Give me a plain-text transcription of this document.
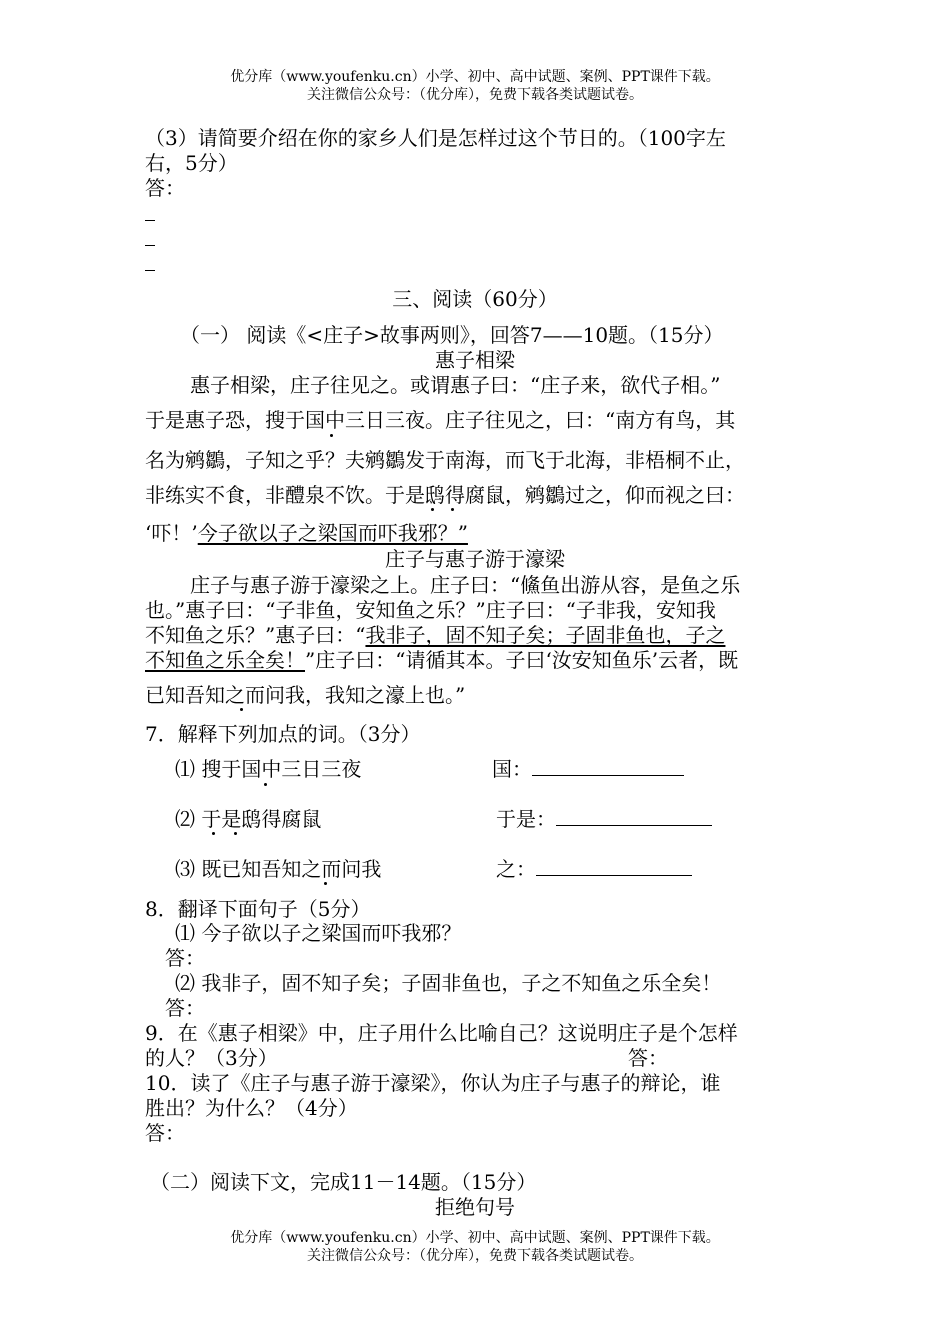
优分库（www.youfenku.cn）小学、初中、高中试题、案例、PPT课件下载。
关注微信公众号：（优分库），免费下载各类试题试卷。
（3）请简要介绍在你的家乡人们是怎样过这个节日的。（100字左
右，5分）
答：
三、阅读（60分）
（一） 阅读《<庄子>故事两则》，回答7——10题。（15分）
惠子相梁
惠子相梁，庄子往见之。或谓惠子曰：“庄子来，欲代子相。”
于是惠子恐，搜于国中三日三夜。庄子往见之，曰：“南方有鸟，其
名为鹓鶵，子知之乎？夫鹓鶵发于南海，而飞于北海，非梧桐不止，
非练实不食，非醴泉不饮。于是鸱得腐鼠，鹓鶵过之，仰而视之曰：
‘吓！’今子欲以子之梁国而吓我邪？”
庄子与惠子游于濠梁
庄子与惠子游于濠梁之上。庄子曰：“鯈鱼出游从容，是鱼之乐
也。”惠子曰：“子非鱼，安知鱼之乐？”庄子曰：“子非我，安知我
不知鱼之乐？”惠子曰：“我非子，固不知子矣；子固非鱼也，子之
不知鱼之乐全矣！”庄子曰：“请循其本。子曰‘汝安知鱼乐’云者，既
已知吾知之而问我，我知之濠上也。”
7．解释下列加点的词。（3分）
⑴ 搜于国中三日三夜	国：
⑵ 于是鸱得腐鼠	于是：
⑶ 既已知吾知之而问我	之：
8．翻译下面句子（5分）
⑴ 今子欲以子之梁国而吓我邪？
答：
⑵ 我非子，固不知子矣；子固非鱼也，子之不知鱼之乐全矣！
答：
9．在《惠子相梁》中，庄子用什么比喻自己？这说明庄子是个怎样
的人？（3分）	答：
10．读了《庄子与惠子游于濠梁》，你认为庄子与惠子的辩论，谁
胜出？为什么？（4分）
答：
（二）阅读下文，完成11－14题。（15分）
拒绝句号
优分库（www.youfenku.cn）小学、初中、高中试题、案例、PPT课件下载。
关注微信公众号：（优分库），免费下载各类试题试卷。
